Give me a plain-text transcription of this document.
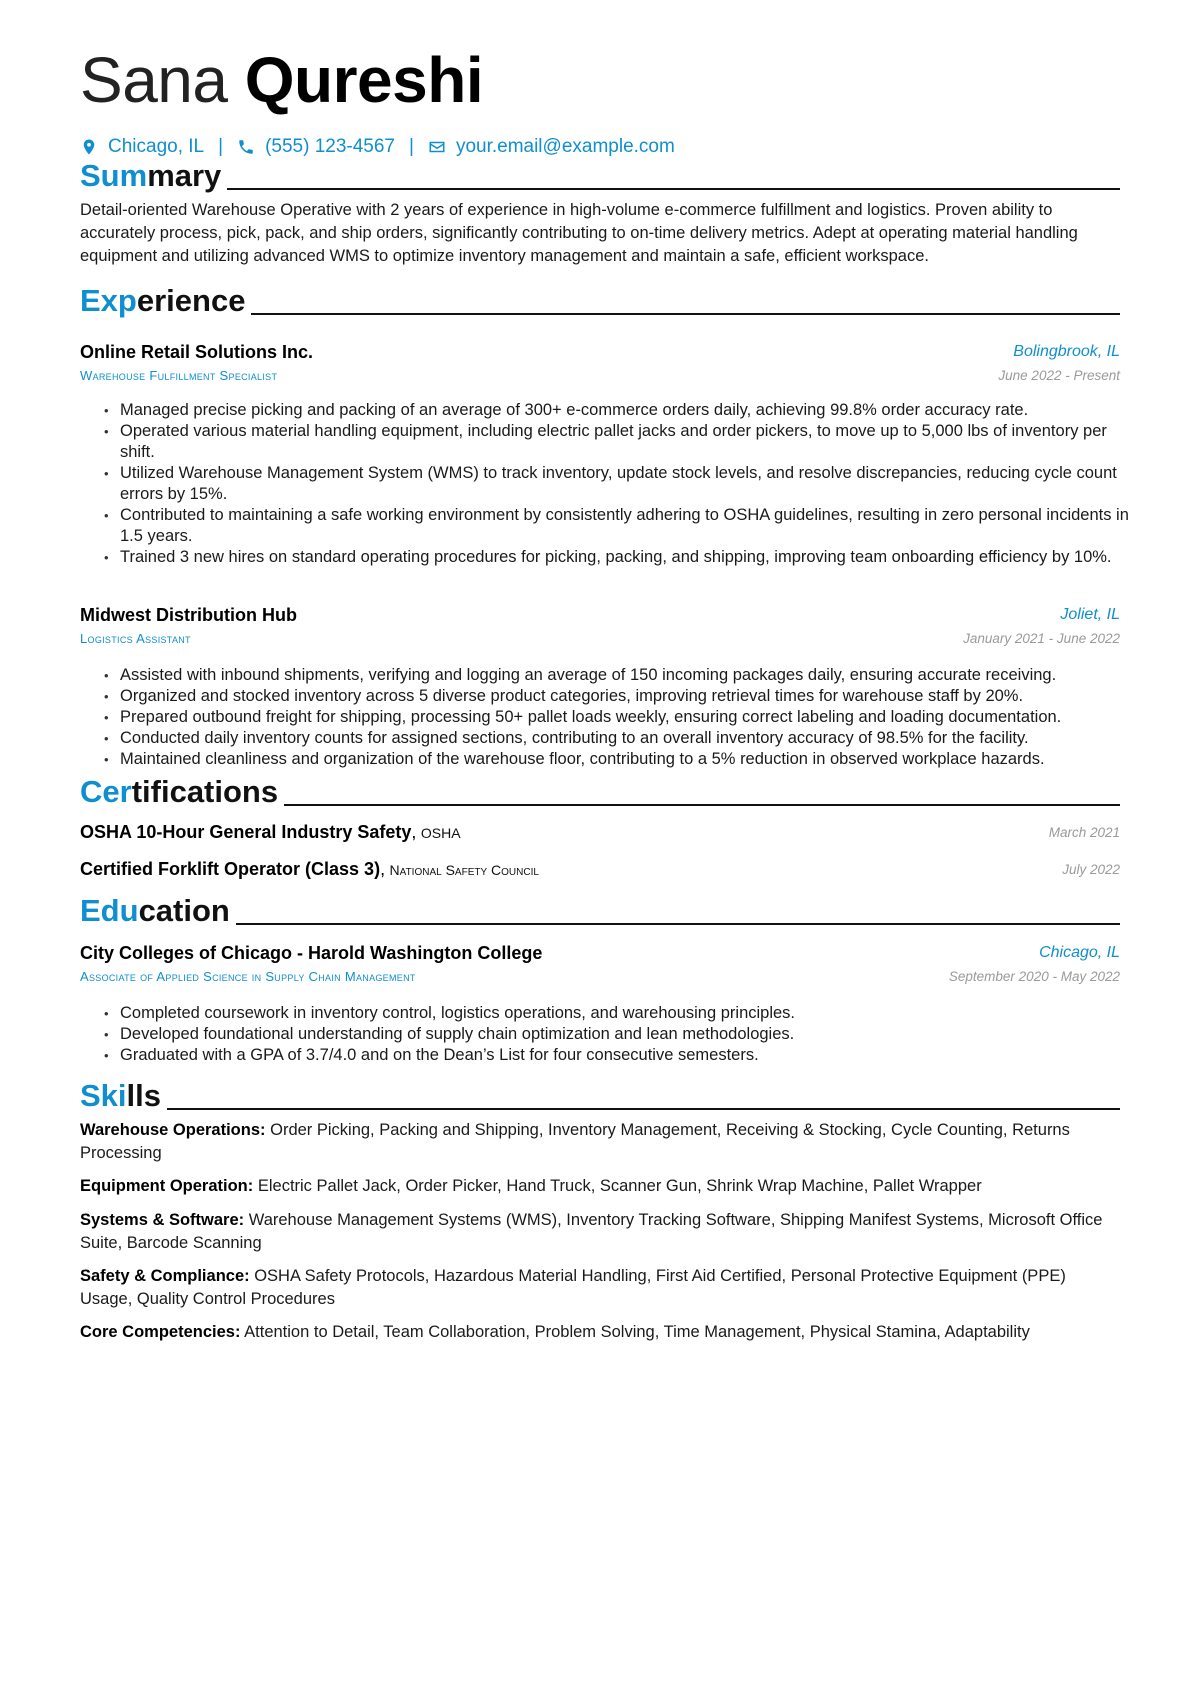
Sana Qureshi
Chicago, IL | (555) 123-4567 | your.email@example.com
Summary
Detail-oriented Warehouse Operative with 2 years of experience in high-volume e-commerce fulfillment and logistics. Proven ability to accurately process, pick, pack, and ship orders, significantly contributing to on-time delivery metrics. Adept at operating material handling equipment and utilizing advanced WMS to optimize inventory management and maintain a safe, efficient workspace.
Experience
Online Retail Solutions Inc.	Bolingbrook, IL
Warehouse Fulfillment Specialist	June 2022 - Present
• Managed precise picking and packing of an average of 300+ e-commerce orders daily, achieving 99.8% order accuracy rate.
• Operated various material handling equipment, including electric pallet jacks and order pickers, to move up to 5,000 lbs of inventory per shift.
• Utilized Warehouse Management System (WMS) to track inventory, update stock levels, and resolve discrepancies, reducing cycle count errors by 15%.
• Contributed to maintaining a safe working environment by consistently adhering to OSHA guidelines, resulting in zero personal incidents in 1.5 years.
• Trained 3 new hires on standard operating procedures for picking, packing, and shipping, improving team onboarding efficiency by 10%.
Midwest Distribution Hub	Joliet, IL
Logistics Assistant	January 2021 - June 2022
• Assisted with inbound shipments, verifying and logging an average of 150 incoming packages daily, ensuring accurate receiving.
• Organized and stocked inventory across 5 diverse product categories, improving retrieval times for warehouse staff by 20%.
• Prepared outbound freight for shipping, processing 50+ pallet loads weekly, ensuring correct labeling and loading documentation.
• Conducted daily inventory counts for assigned sections, contributing to an overall inventory accuracy of 98.5% for the facility.
• Maintained cleanliness and organization of the warehouse floor, contributing to a 5% reduction in observed workplace hazards.
Certifications
OSHA 10-Hour General Industry Safety, OSHA	March 2021
Certified Forklift Operator (Class 3), National Safety Council	July 2022
Education
City Colleges of Chicago - Harold Washington College	Chicago, IL
Associate of Applied Science in Supply Chain Management	September 2020 - May 2022
• Completed coursework in inventory control, logistics operations, and warehousing principles.
• Developed foundational understanding of supply chain optimization and lean methodologies.
• Graduated with a GPA of 3.7/4.0 and on the Dean’s List for four consecutive semesters.
Skills
Warehouse Operations: Order Picking, Packing and Shipping, Inventory Management, Receiving & Stocking, Cycle Counting, Returns Processing
Equipment Operation: Electric Pallet Jack, Order Picker, Hand Truck, Scanner Gun, Shrink Wrap Machine, Pallet Wrapper
Systems & Software: Warehouse Management Systems (WMS), Inventory Tracking Software, Shipping Manifest Systems, Microsoft Office Suite, Barcode Scanning
Safety & Compliance: OSHA Safety Protocols, Hazardous Material Handling, First Aid Certified, Personal Protective Equipment (PPE) Usage, Quality Control Procedures
Core Competencies: Attention to Detail, Team Collaboration, Problem Solving, Time Management, Physical Stamina, Adaptability
